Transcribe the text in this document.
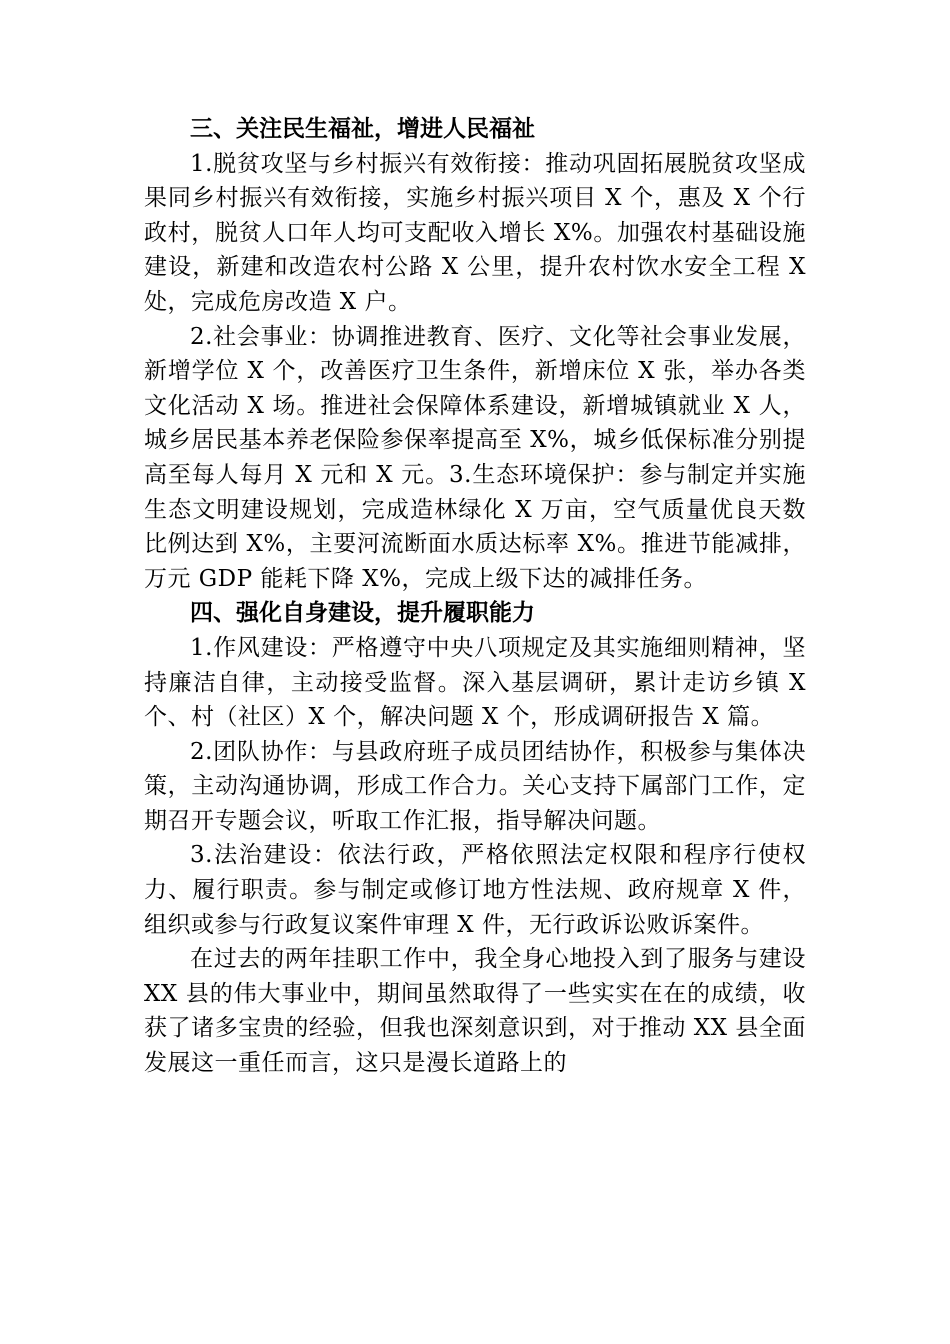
三、关注民生福祉，增进人民福祉

1.脱贫攻坚与乡村振兴有效衔接：推动巩固拓展脱贫攻坚成果同乡村振兴有效衔接，实施乡村振兴项目 X 个，惠及 X 个行政村，脱贫人口年人均可支配收入增长 X%。加强农村基础设施建设，新建和改造农村公路 X 公里，提升农村饮水安全工程 X 处，完成危房改造 X 户。

2.社会事业：协调推进教育、医疗、文化等社会事业发展，新增学位 X 个，改善医疗卫生条件，新增床位 X 张，举办各类文化活动 X 场。推进社会保障体系建设，新增城镇就业 X 人，城乡居民基本养老保险参保率提高至 X%，城乡低保标准分别提高至每人每月 X 元和 X 元。3.生态环境保护：参与制定并实施生态文明建设规划，完成造林绿化 X 万亩，空气质量优良天数比例达到 X%，主要河流断面水质达标率 X%。推进节能减排，万元 GDP 能耗下降 X%，完成上级下达的减排任务。

四、强化自身建设，提升履职能力

1.作风建设：严格遵守中央八项规定及其实施细则精神，坚持廉洁自律，主动接受监督。深入基层调研，累计走访乡镇 X 个、村（社区）X 个，解决问题 X 个，形成调研报告 X 篇。

2.团队协作：与县政府班子成员团结协作，积极参与集体决策，主动沟通协调，形成工作合力。关心支持下属部门工作，定期召开专题会议，听取工作汇报，指导解决问题。

3.法治建设：依法行政，严格依照法定权限和程序行使权力、履行职责。参与制定或修订地方性法规、政府规章 X 件，组织或参与行政复议案件审理 X 件，无行政诉讼败诉案件。

在过去的两年挂职工作中，我全身心地投入到了服务与建设 XX 县的伟大事业中，期间虽然取得了一些实实在在的成绩，收获了诸多宝贵的经验，但我也深刻意识到，对于推动 XX 县全面发展这一重任而言，这只是漫长道路上的
